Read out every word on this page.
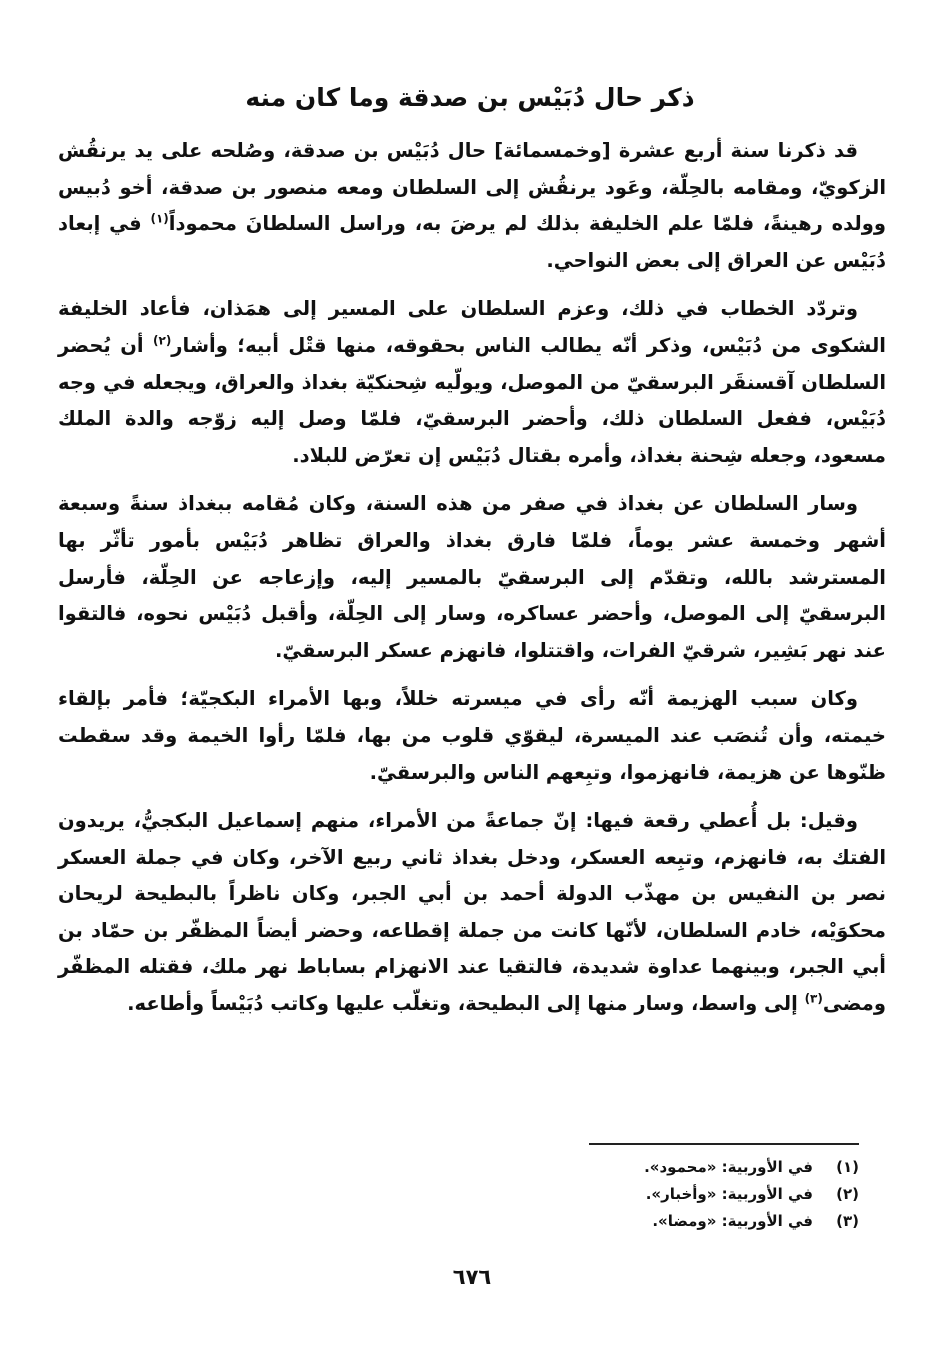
ذكر حال دُبَيْس بن صدقة وما كان منه

قد ذكرنا سنة أربع عشرة [وخمسمائة] حال دُبَيْس بن صدقة، وصُلحه على يد يرنقُش الزكويّ، ومقامه بالحِلّة، وعَود يرنقُش إلى السلطان ومعه منصور بن صدقة، أخو دُبيس وولده رهينةً، فلمّا علم الخليفة بذلك لم يرضَ به، وراسل السلطانَ محموداً$^{(١)}$ في إبعاد دُبَيْس عن العراق إلى بعض النواحي.

وتردّد الخطاب في ذلك، وعزم السلطان على المسير إلى همَذان، فأعاد الخليفة الشكوى من دُبَيْس، وذكر أنّه يطالب الناس بحقوقه، منها قتْل أبيه؛ وأشار$^{(٢)}$ أن يُحضر السلطان آقسنقَر البرسقيّ من الموصل، ويولّيه شِحنكيّة بغداذ والعراق، ويجعله في وجه دُبَيْس، ففعل السلطان ذلك، وأحضر البرسقيّ، فلمّا وصل إليه زوّجه والدة الملك مسعود، وجعله شِحنة بغداذ، وأمره بقتال دُبَيْس إن تعرّض للبلاد.

وسار السلطان عن بغداذ في صفر من هذه السنة، وكان مُقامه ببغداذ سنةً وسبعة أشهر وخمسة عشر يوماً، فلمّا فارق بغداذ والعراق تظاهر دُبَيْس بأمور تأثّر بها المسترشد بالله، وتقدّم إلى البرسقيّ بالمسير إليه، وإزعاجه عن الحِلّة، فأرسل البرسقيّ إلى الموصل، وأحضر عساكره، وسار إلى الحِلّة، وأقبل دُبَيْس نحوه، فالتقوا عند نهر بَشِير، شرقيّ الفرات، واقتتلوا، فانهزم عسكر البرسقيّ.

وكان سبب الهزيمة أنّه رأى في ميسرته خللاً، وبها الأمراء البكجيّة؛ فأمر بإلقاء خيمته، وأن تُنصَب عند الميسرة، ليقوّي قلوب من بها، فلمّا رأوا الخيمة وقد سقطت ظنّوها عن هزيمة، فانهزموا، وتبِعهم الناس والبرسقيّ.

وقيل: بل أُعطي رقعة فيها: إنّ جماعةً من الأمراء، منهم إسماعيل البكجيُّ، يريدون الفتك به، فانهزم، وتبِعه العسكر، ودخل بغداذ ثاني ربيع الآخر، وكان في جملة العسكر نصر بن النفيس بن مهذّب الدولة أحمد بن أبي الجبر، وكان ناظراً بالبطيحة لريحان محكوَيْه، خادم السلطان، لأنّها كانت من جملة إقطاعه، وحضر أيضاً المظفّر بن حمّاد بن أبي الجبر، وبينهما عداوة شديدة، فالتقيا عند الانهزام بساباط نهر ملك، فقتله المظفّر ومضى$^{(٣)}$ إلى واسط، وسار منها إلى البطيحة، وتغلّب عليها وكاتب دُبَيْساً وأطاعه.

(١)في الأوربية: «محمود».
(٢)في الأوربية: «وأخبار».
(٣)في الأوربية: «ومضا».
٦٧٦
